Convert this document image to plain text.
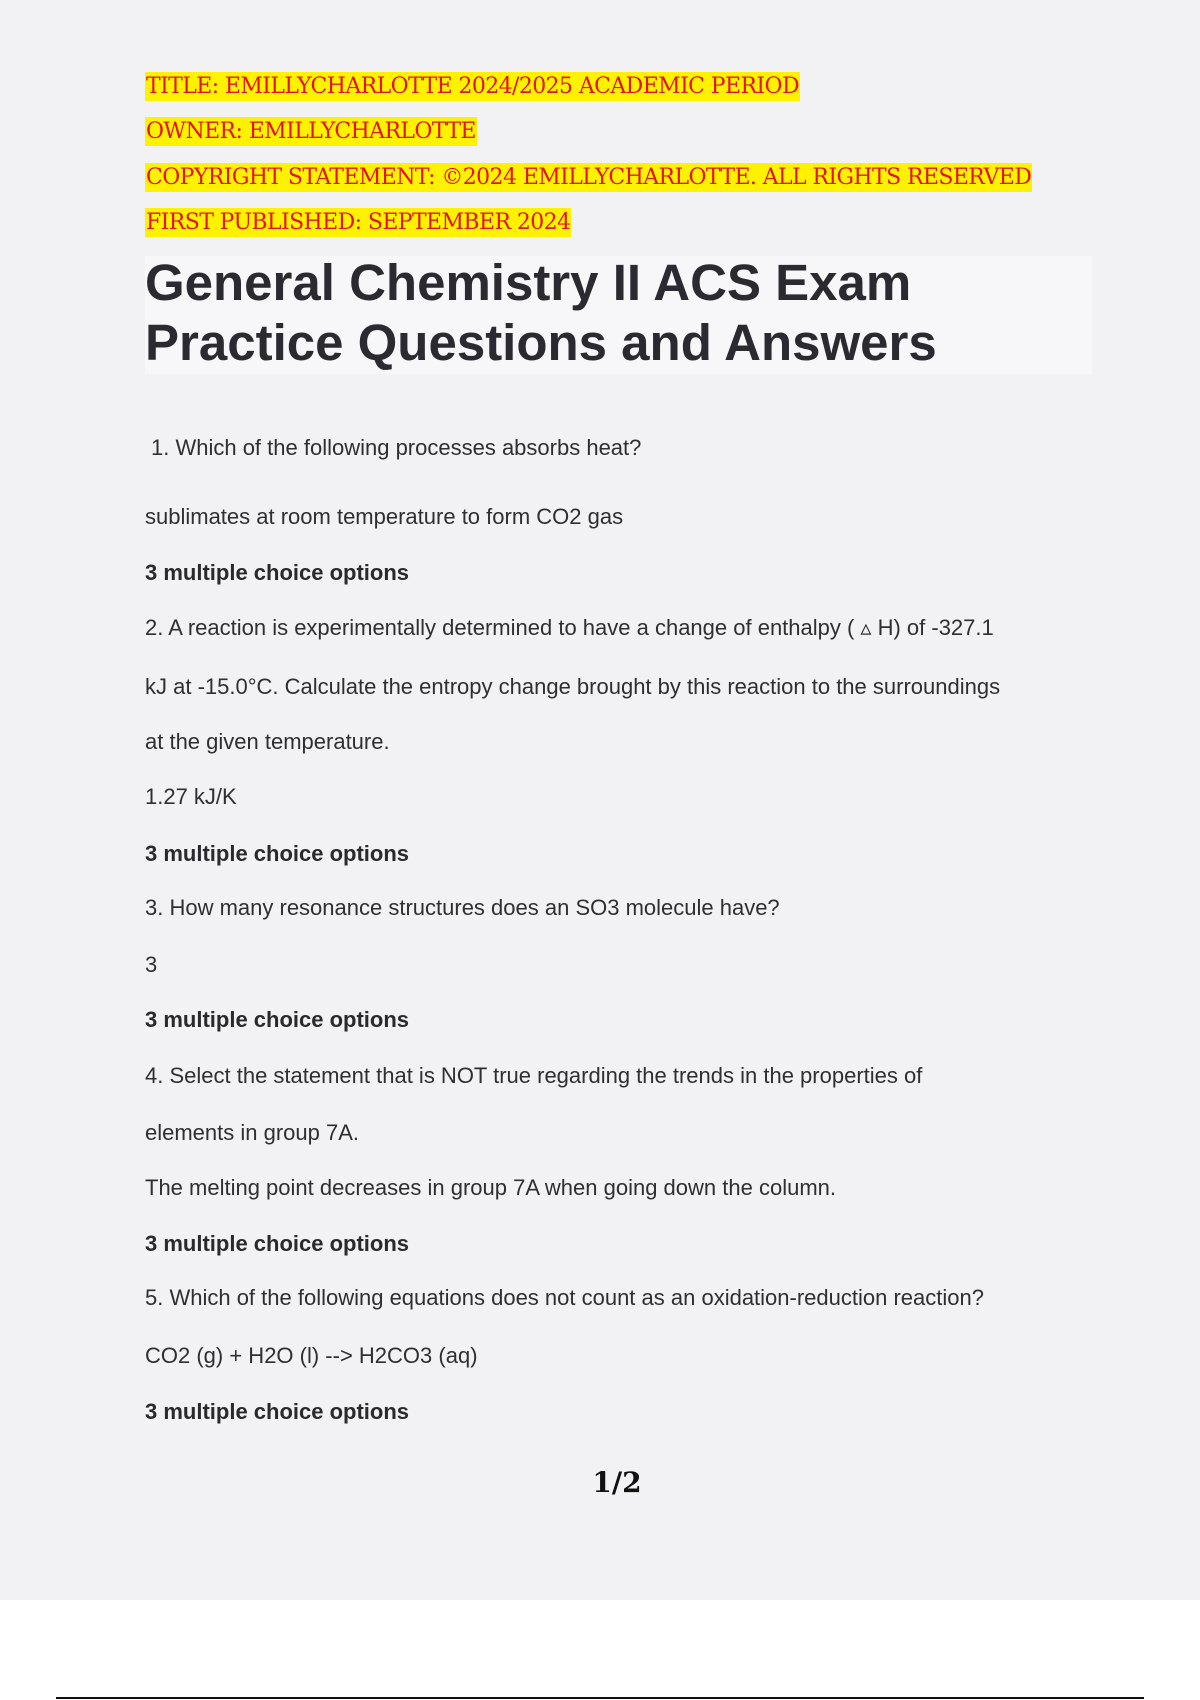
TITLE: EMILLYCHARLOTTE 2024/2025 ACADEMIC PERIOD
OWNER: EMILLYCHARLOTTE
COPYRIGHT STATEMENT: ©2024 EMILLYCHARLOTTE. ALL RIGHTS RESERVED
FIRST PUBLISHED: SEPTEMBER 2024
General Chemistry II ACS Exam
Practice Questions and Answers
1. Which of the following processes absorbs heat?
sublimates at room temperature to form CO2 gas
3 multiple choice options
2. A reaction is experimentally determined to have a change of enthalpy ( ▵ H) of -327.1
kJ at -15.0°C. Calculate the entropy change brought by this reaction to the surroundings
at the given temperature.
1.27 kJ/K
3 multiple choice options
3. How many resonance structures does an SO3 molecule have?
3
3 multiple choice options
4. Select the statement that is NOT true regarding the trends in the properties of
elements in group 7A.
The melting point decreases in group 7A when going down the column.
3 multiple choice options
5. Which of the following equations does not count as an oxidation-reduction reaction?
CO2 (g) + H2O (l) --> H2CO3 (aq)
3 multiple choice options
1/2
